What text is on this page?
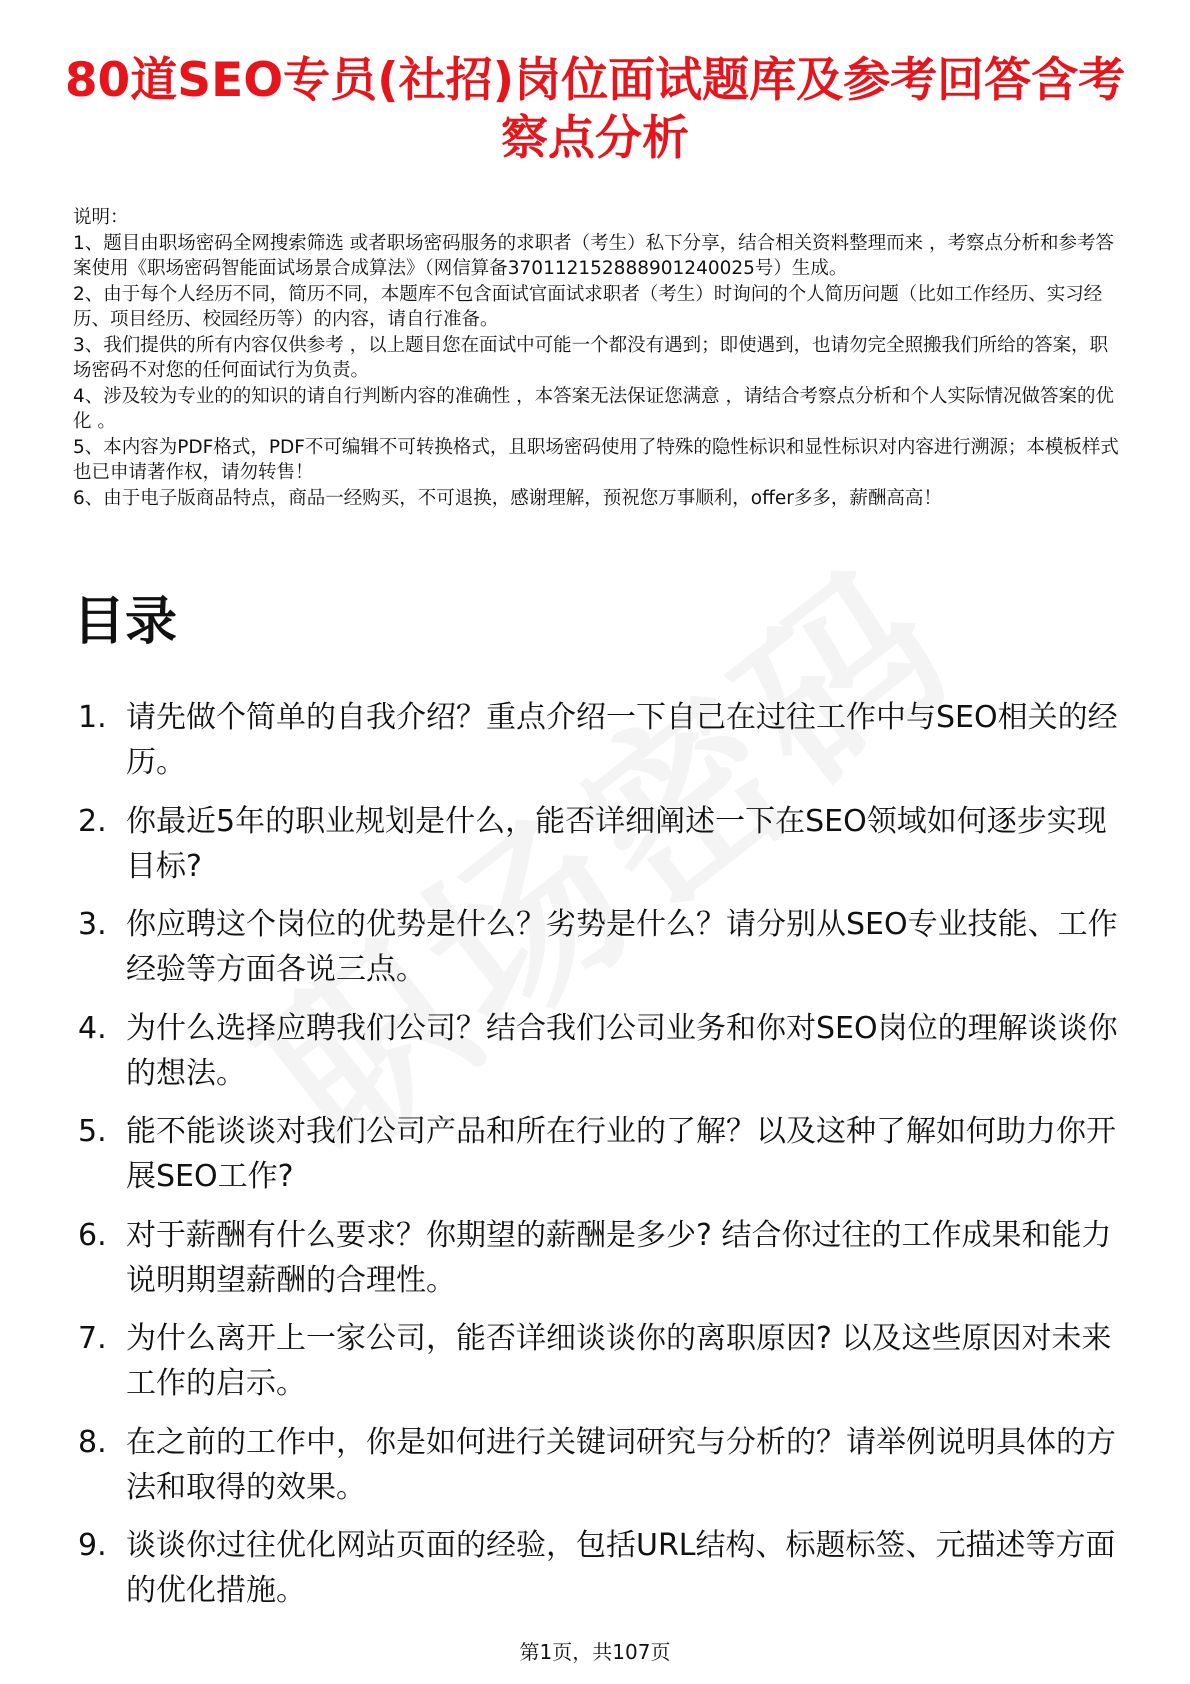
80道SEO专员(社招)岗位面试题库及参考回答含考察点分析

说明：

1、题目由职场密码全网搜索筛选 或者职场密码服务的求职者（考生）私下分享，结合相关资料整理而来 ，考察点分析和参考答案使用《职场密码智能面试场景合成算法》（网信算备370112152888901240025号）生成。

2、由于每个人经历不同，简历不同，本题库不包含面试官面试求职者（考生）时询问的个人简历问题（比如工作经历、实习经历、项目经历、校园经历等）的内容，请自行准备。

3、我们提供的所有内容仅供参考 ，以上题目您在面试中可能一个都没有遇到；即使遇到，也请勿完全照搬我们所给的答案，职场密码不对您的任何面试行为负责。

4、涉及较为专业的的知识的请自行判断内容的准确性 ，本答案无法保证您满意 ，请结合考察点分析和个人实际情况做答案的优化 。

5、本内容为PDF格式，PDF不可编辑不可转换格式，且职场密码使用了特殊的隐性标识和显性标识对内容进行溯源；本模板样式也已申请著作权，请勿转售！

6、由于电子版商品特点，商品一经购买，不可退换，感谢理解，预祝您万事顺利，offer多多，薪酬高高！

目录
1. 请先做个简单的自我介绍？重点介绍一下自己在过往工作中与SEO相关的经历。
2. 你最近5年的职业规划是什么，能否详细阐述一下在SEO领域如何逐步实现目标?
3. 你应聘这个岗位的优势是什么？劣势是什么？请分别从SEO专业技能、工作经验等方面各说三点。
4. 为什么选择应聘我们公司？结合我们公司业务和你对SEO岗位的理解谈谈你的想法。
5. 能不能谈谈对我们公司产品和所在行业的了解？以及这种了解如何助力你开展SEO工作?
6. 对于薪酬有什么要求？你期望的薪酬是多少? 结合你过往的工作成果和能力说明期望薪酬的合理性。
7. 为什么离开上一家公司，能否详细谈谈你的离职原因? 以及这些原因对未来工作的启示。
8. 在之前的工作中，你是如何进行关键词研究与分析的？请举例说明具体的方法和取得的效果。
9. 谈谈你过往优化网站页面的经验，包括URL结构、标题标签、元描述等方面的优化措施。
第1页，共107页
